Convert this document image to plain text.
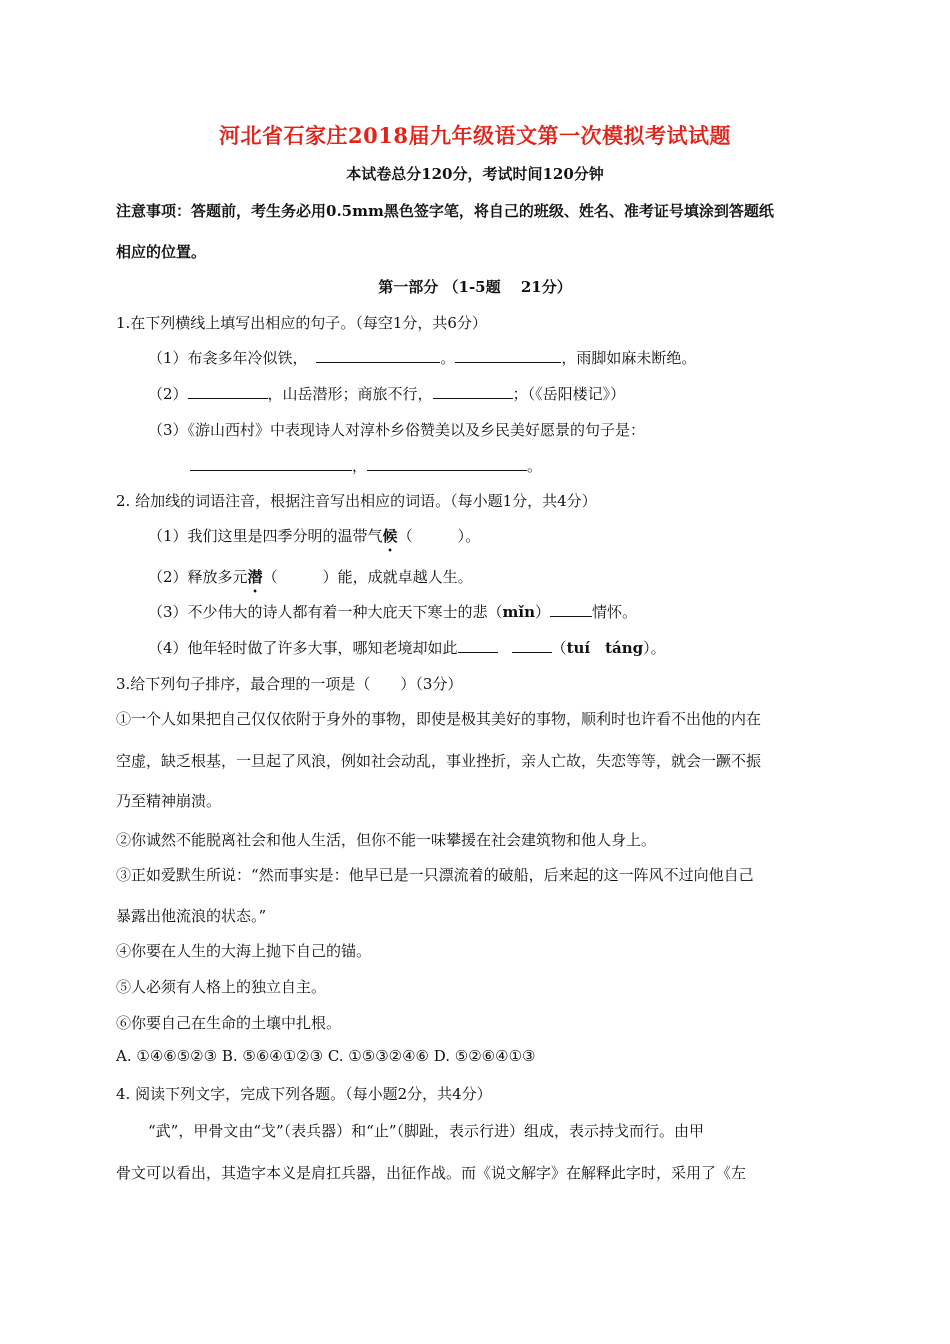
河北省石家庄2018届九年级语文第一次模拟考试试题
本试卷总分120分，考试时间120分钟
注意事项：答题前，考生务必用0.5mm黑色签字笔，将自己的班级、姓名、准考证号填涂到答题纸
相应的位置。
第一部分 （1-5题　 21分）
1.在下列横线上填写出相应的句子。（每空1分，共6分）
（1）布衾多年冷似铁，	。	，雨脚如麻未断绝。
（2）	，山岳潜形；商旅不行，	；（《岳阳楼记》）
（3）《游山西村》中表现诗人对淳朴乡俗赞美以及乡民美好愿景的句子是：
，	。
2. 给加线的词语注音，根据注音写出相应的词语。（每小题1分，共4分）
（1）我们这里是四季分明的温带气候（　　　）。
（2）释放多元潜（　　　）能，成就卓越人生。
（3）不少伟大的诗人都有着一种大庇天下寒士的悲（mǐn）	情怀。
（4）他年轻时做了许多大事，哪知老境却如此	（tuí　táng）。
3.给下列句子排序，最合理的一项是（　　）（3分）
①一个人如果把自己仅仅依附于身外的事物，即使是极其美好的事物，顺利时也许看不出他的内在
空虚，缺乏根基，一旦起了风浪，例如社会动乱，事业挫折，亲人亡故，失恋等等，就会一蹶不振
乃至精神崩溃。
②你诚然不能脱离社会和他人生活，但你不能一味攀援在社会建筑物和他人身上。
③正如爱默生所说：“然而事实是：他早已是一只漂流着的破船，后来起的这一阵风不过向他自己
暴露出他流浪的状态。”
④你要在人生的大海上抛下自己的锚。
⑤人必须有人格上的独立自主。
⑥你要自己在生命的土壤中扎根。
A. ①④⑥⑤②③ B. ⑤⑥④①②③ C. ①⑤③②④⑥ D. ⑤②⑥④①③
4. 阅读下列文字，完成下列各题。（每小题2分，共4分）
“武”，甲骨文由“戈”（表兵器）和“止”（脚趾，表示行进）组成，表示持戈而行。由甲
骨文可以看出，其造字本义是肩扛兵器，出征作战。而《说文解字》在解释此字时，采用了《左
